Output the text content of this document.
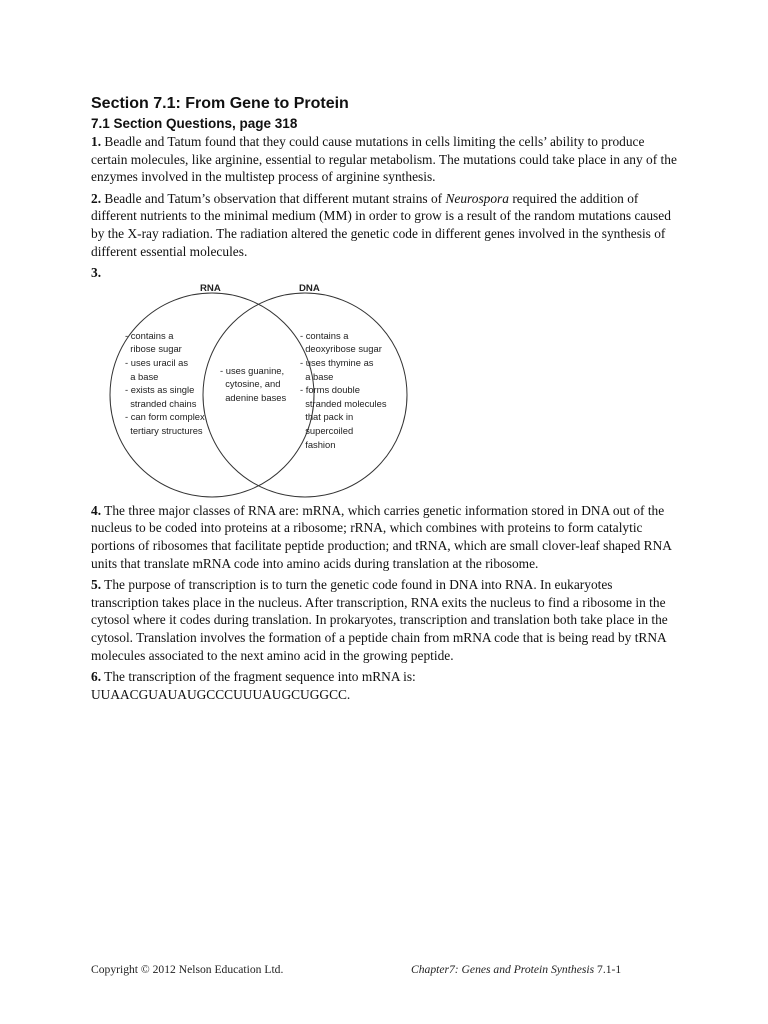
Section 7.1: From Gene to Protein
7.1 Section Questions, page 318

1. Beadle and Tatum found that they could cause mutations in cells limiting the cells’ ability to produce certain molecules, like arginine, essential to regular metabolism. The mutations could take place in any of the enzymes involved in the multistep process of arginine synthesis.

2. Beadle and Tatum’s observation that different mutant strains of Neurospora required the addition of different nutrients to the minimal medium (MM) in order to grow is a result of the random mutations caused by the X-ray radiation. The radiation altered the genetic code in different genes involved in the synthesis of different essential molecules.

3.

RNA	DNA
- contains a
ribose sugar
- uses uracil as
a base
- exists as single
stranded chains
- can form complex
tertiary structures
- uses guanine,
cytosine, and
adenine bases
- contains a
deoxyribose sugar
- uses thymine as
a base
- forms double
stranded molecules
that pack in
supercoiled
fashion

4. The three major classes of RNA are: mRNA, which carries genetic information stored in DNA out of the nucleus to be coded into proteins at a ribosome; rRNA, which combines with proteins to form catalytic portions of ribosomes that facilitate peptide production; and tRNA, which are small clover-leaf shaped RNA units that translate mRNA code into amino acids during translation at the ribosome.

5. The purpose of transcription is to turn the genetic code found in DNA into RNA. In eukaryotes transcription takes place in the nucleus. After transcription, RNA exits the nucleus to find a ribosome in the cytosol where it codes during translation. In prokaryotes, transcription and translation both take place in the cytosol. Translation involves the formation of a peptide chain from mRNA code that is being read by tRNA molecules associated to the next amino acid in the growing peptide.

6. The transcription of the fragment sequence into mRNA is:
UUAACGUAUAUGCCCUUUAUGCUGGCC.

Copyright © 2012 Nelson Education Ltd.	Chapter7: Genes and Protein Synthesis 7.1-1
